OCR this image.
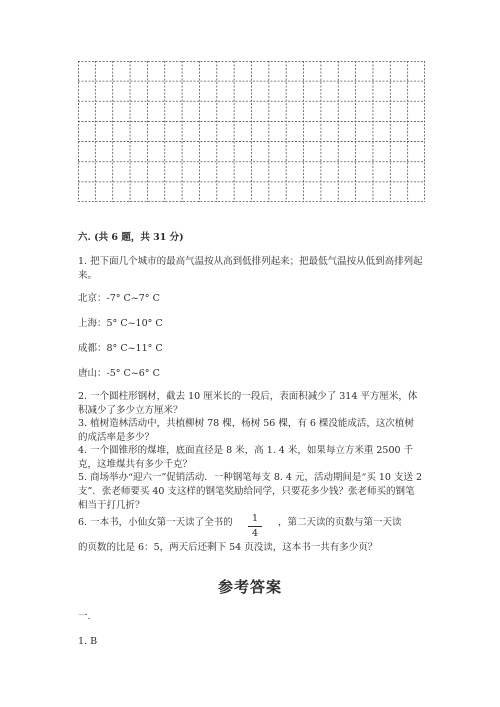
六. (共 6 题，共 31 分)
1. 把下面几个城市的最高气温按从高到低排列起来；把最低气温按从低到高排列起来。
北京：-7° C~7° C
上海：5° C~10° C
成都：8° C~11° C
唐山：-5° C~6° C
2. 一个圆柱形钢材，截去 10 厘米长的一段后，表面积减少了 314 平方厘米，体积减少了多少立方厘米？
3. 植树造林活动中，共植柳树 78 棵，杨树 56 棵，有 6 棵没能成活，这次植树的成活率是多少？
4. 一个圆锥形的煤堆，底面直径是 8 米，高 1. 4 米，如果每立方米重 2500 千克，这堆煤共有多少千克？
5. 商场举办“迎六一”促销活动．一种钢笔每支 8. 4 元，活动期间是“买 10 支送 2 支”．张老师要买 40 支这样的钢笔奖励给同学，只要花多少钱？张老师买的钢笔相当于打几折？
6. 一本书，小仙女第一天读了全书的	1
4
，第二天读的页数与第一天读
的页数的比是 6：5，两天后还剩下 54 页没读，这本书一共有多少页？
参考答案
一.
1. B
